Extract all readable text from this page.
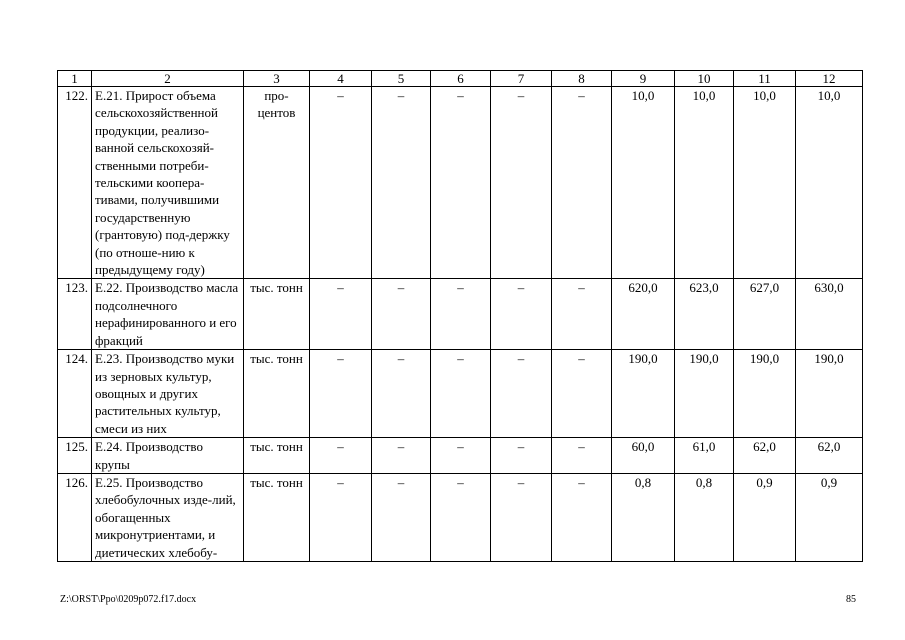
1	2	3	4	5	6	7	8	9	10	11	12
122.	Е.21. Прирост объема сельскохозяйственной продукции, реализо-ванной сельскохозяй-ственными потреби-тельскими коопера-тивами, получившими государственную (грантовую) под-держку (по отноше-нию к предыдущему году)	про-центов	–	–	–	–	–	10,0	10,0	10,0	10,0
123.	Е.22. Производство масла подсолнечного нерафинированного и его фракций	тыс. тонн	–	–	–	–	–	620,0	623,0	627,0	630,0
124.	Е.23. Производство муки из зерновых культур, овощных и других растительных культур, смеси из них	тыс. тонн	–	–	–	–	–	190,0	190,0	190,0	190,0
125.	Е.24. Производство крупы	тыс. тонн	–	–	–	–	–	60,0	61,0	62,0	62,0
126.	Е.25. Производство хлебобулочных изде-лий, обогащенных микронутриентами, и диетических хлебобу-	тыс. тонн	–	–	–	–	–	0,8	0,8	0,9	0,9
Z:\ORST\Ppo\0209p072.f17.docx	85
